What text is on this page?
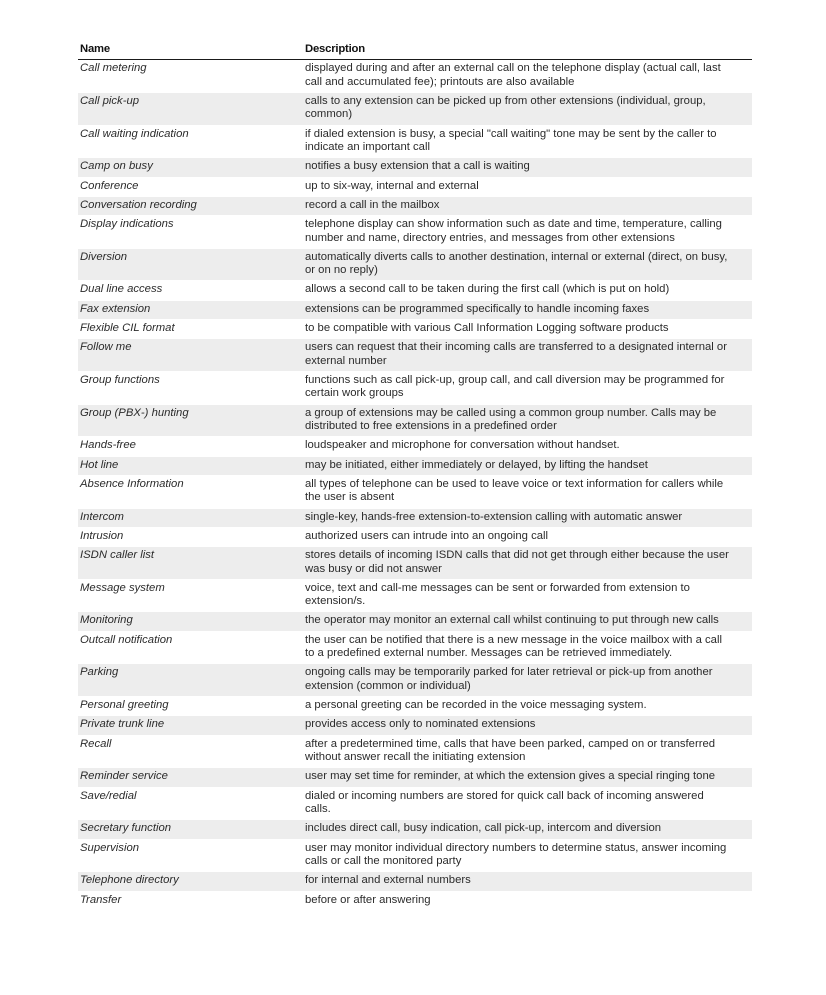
Name	Description
Call metering	displayed during and after an external call on the telephone display (actual call, last call and accumulated fee); printouts are also available
Call pick-up	calls to any extension can be picked up from other extensions (individual, group, common)
Call waiting indication	if dialed extension is busy, a special "call waiting" tone may be sent by the caller to indicate an important call
Camp on busy	notifies a busy extension that a call is waiting
Conference	up to six-way, internal and external
Conversation recording	record a call in the mailbox
Display indications	telephone display can show information such as date and time, temperature, calling number and name, directory entries, and messages from other extensions
Diversion	automatically diverts calls to another destination, internal or external (direct, on busy, or on no reply)
Dual line access	allows a second call to be taken during the first call (which is put on hold)
Fax extension	extensions can be programmed specifically to handle incoming faxes
Flexible CIL format	to be compatible with various Call Information Logging software products
Follow me	users can request that their incoming calls are transferred to a designated internal or external number
Group functions	functions such as call pick-up, group call, and call diversion may be programmed for certain work groups
Group (PBX-) hunting	a group of extensions may be called using a common group number. Calls may be distributed to free extensions in a predefined order
Hands-free	loudspeaker and microphone for conversation without handset.
Hot line	may be initiated, either immediately or delayed, by lifting the handset
Absence Information	all types of telephone can be used to leave voice or text information for callers while the user is absent
Intercom	single-key, hands-free extension-to-extension calling with automatic answer
Intrusion	authorized users can intrude into an ongoing call
ISDN caller list	stores details of incoming ISDN calls that did not get through either because the user was busy or did not answer
Message system	voice, text and call-me messages can be sent or forwarded from extension to extension/s.
Monitoring	the operator may monitor an external call whilst continuing to put through new calls
Outcall notification	the user can be notified that there is a new message in the voice mailbox with a call to a predefined external number. Messages can be retrieved immediately.
Parking	ongoing calls may be temporarily parked for later retrieval or pick-up from another extension (common or individual)
Personal greeting	a personal greeting can be recorded in the voice messaging system.
Private trunk line	provides access only to nominated extensions
Recall	after a predetermined time, calls that have been parked, camped on or transferred without answer recall the initiating extension
Reminder service	user may set time for reminder, at which the extension gives a special ringing tone
Save/redial	dialed or incoming numbers are stored for quick call back of incoming answered calls.
Secretary function	includes direct call, busy indication, call pick-up, intercom and diversion
Supervision	user may monitor individual directory numbers to determine status, answer incoming calls or call the monitored party
Telephone directory	for internal and external numbers
Transfer	before or after answering
